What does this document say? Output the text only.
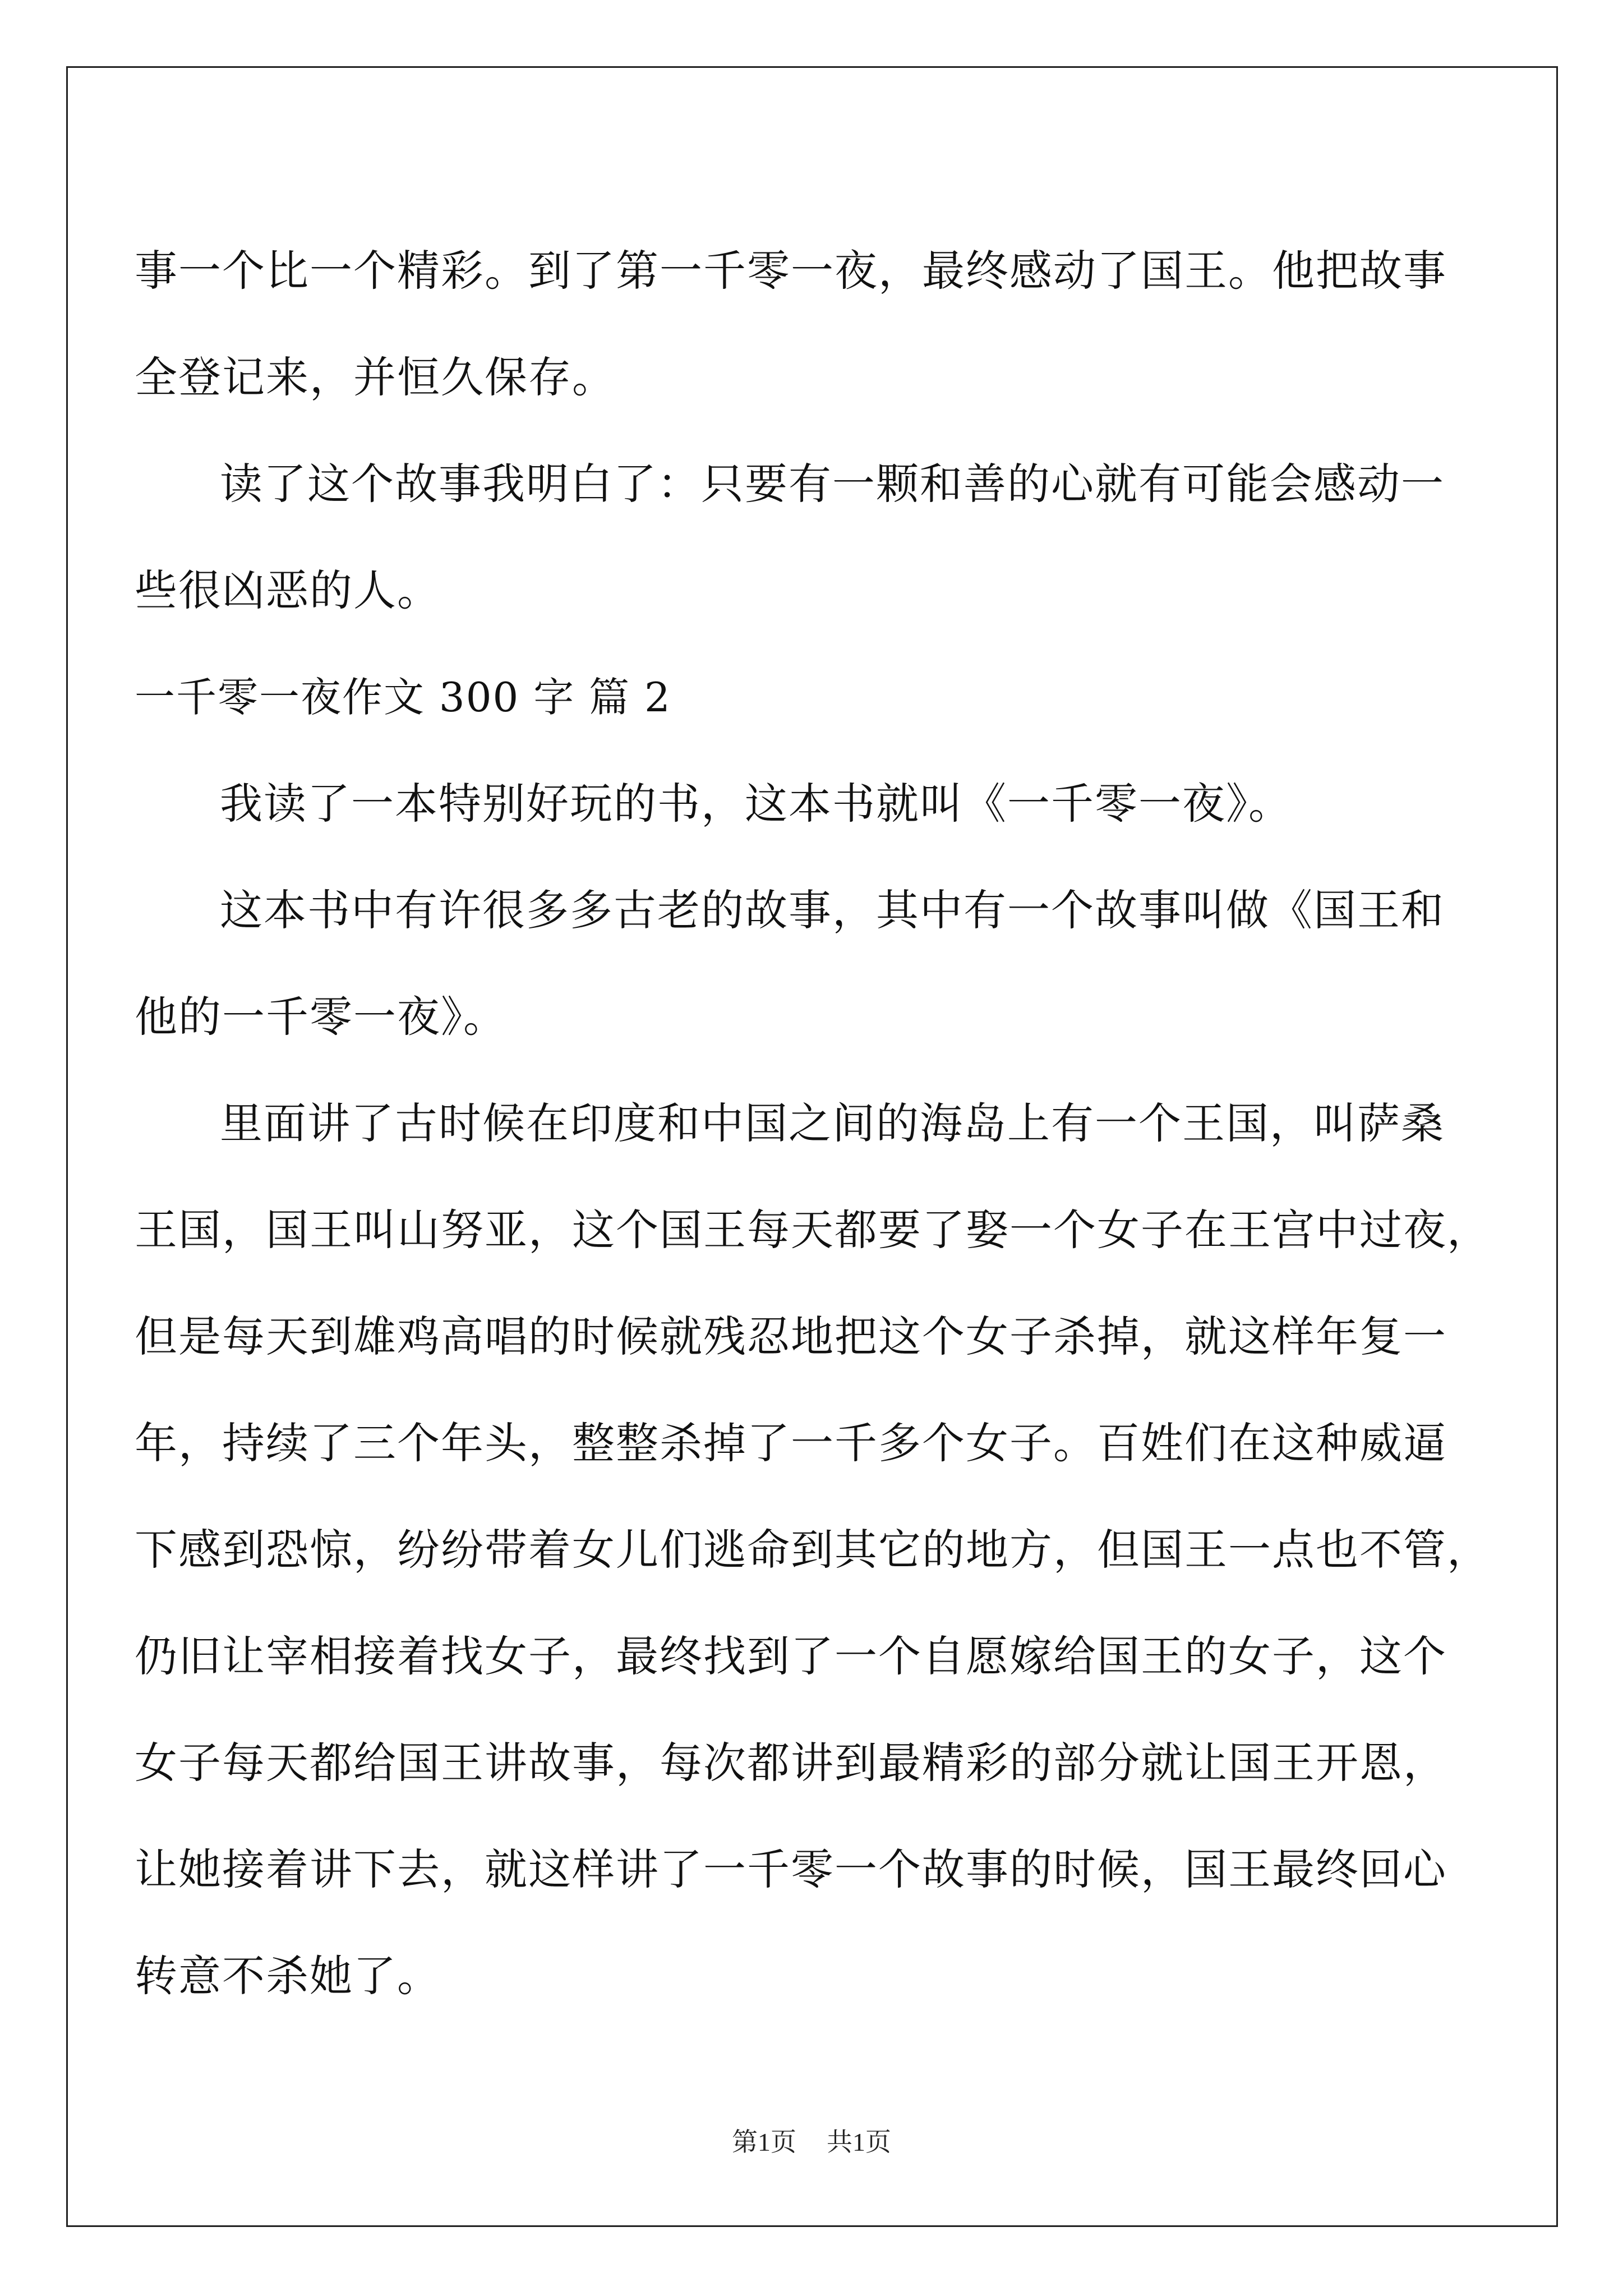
事一个比一个精彩。到了第一千零一夜，最终感动了国王。他把故事
全登记来，并恒久保存。
读了这个故事我明白了：只要有一颗和善的心就有可能会感动一
些很凶恶的人。
一千零一夜作文 300 字 篇 2
我读了一本特别好玩的书，这本书就叫《一千零一夜》。
这本书中有许很多多古老的故事，其中有一个故事叫做《国王和
他的一千零一夜》。
里面讲了古时候在印度和中国之间的海岛上有一个王国，叫萨桑
王国，国王叫山努亚，这个国王每天都要了娶一个女子在王宫中过夜，
但是每天到雄鸡高唱的时候就残忍地把这个女子杀掉，就这样年复一
年，持续了三个年头，整整杀掉了一千多个女子。百姓们在这种威逼
下感到恐惊，纷纷带着女儿们逃命到其它的地方，但国王一点也不管，
仍旧让宰相接着找女子，最终找到了一个自愿嫁给国王的女子，这个
女子每天都给国王讲故事，每次都讲到最精彩的部分就让国王开恩，
让她接着讲下去，就这样讲了一千零一个故事的时候，国王最终回心
转意不杀她了。
第1页 共1页
